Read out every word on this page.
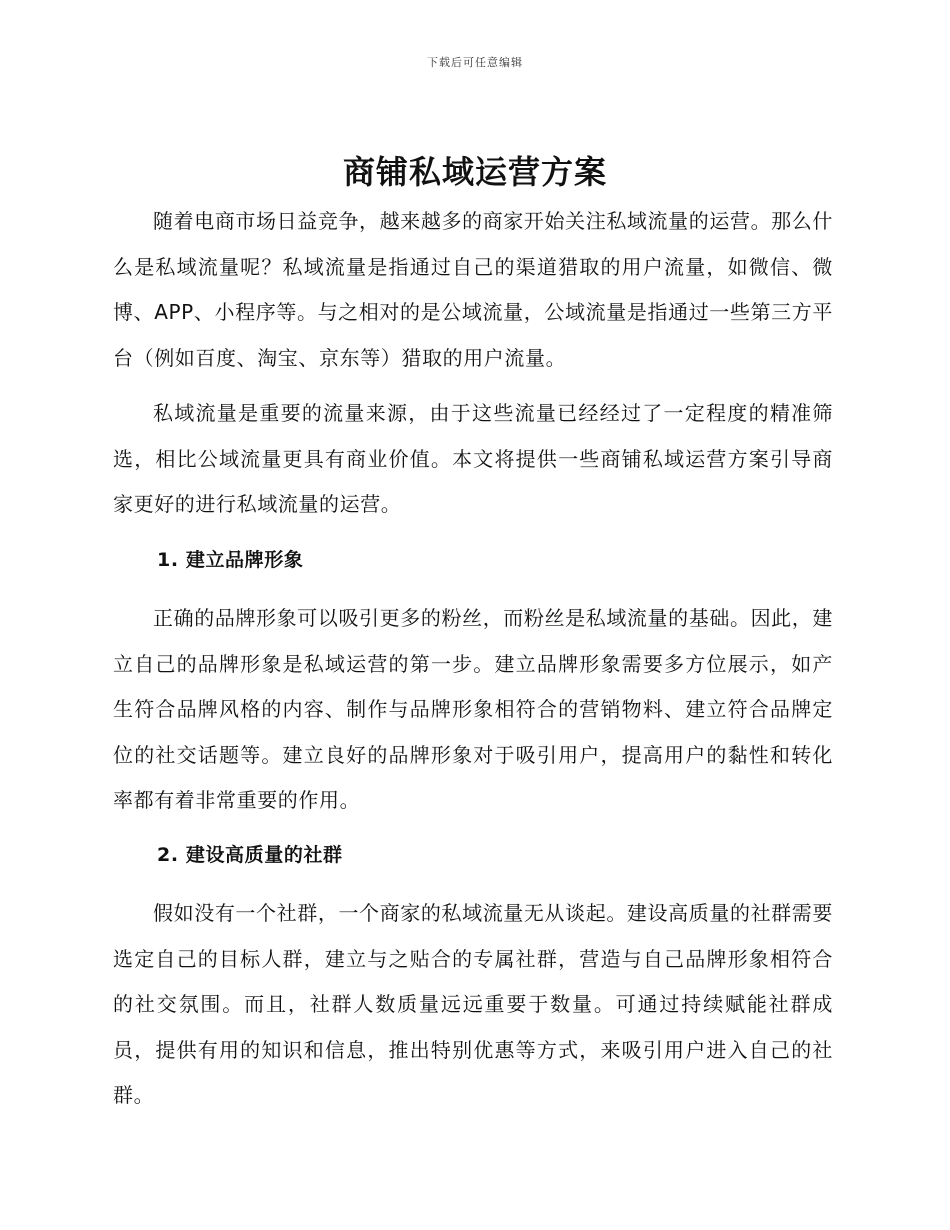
下载后可任意编辑
商铺私域运营方案

随着电商市场日益竞争，越来越多的商家开始关注私域流量的运营。那么什么是私域流量呢？私域流量是指通过自己的渠道猎取的用户流量，如微信、微博、APP、小程序等。与之相对的是公域流量，公域流量是指通过一些第三方平台（例如百度、淘宝、京东等）猎取的用户流量。

私域流量是重要的流量来源，由于这些流量已经经过了一定程度的精准筛选，相比公域流量更具有商业价值。本文将提供一些商铺私域运营方案引导商家更好的进行私域流量的运营。

1. 建立品牌形象

正确的品牌形象可以吸引更多的粉丝，而粉丝是私域流量的基础。因此，建立自己的品牌形象是私域运营的第一步。建立品牌形象需要多方位展示，如产生符合品牌风格的内容、制作与品牌形象相符合的营销物料、建立符合品牌定位的社交话题等。建立良好的品牌形象对于吸引用户，提高用户的黏性和转化率都有着非常重要的作用。

2. 建设高质量的社群

假如没有一个社群，一个商家的私域流量无从谈起。建设高质量的社群需要选定自己的目标人群，建立与之贴合的专属社群，营造与自己品牌形象相符合的社交氛围。而且，社群人数质量远远重要于数量。可通过持续赋能社群成员，提供有用的知识和信息，推出特别优惠等方式，来吸引用户进入自己的社群。
